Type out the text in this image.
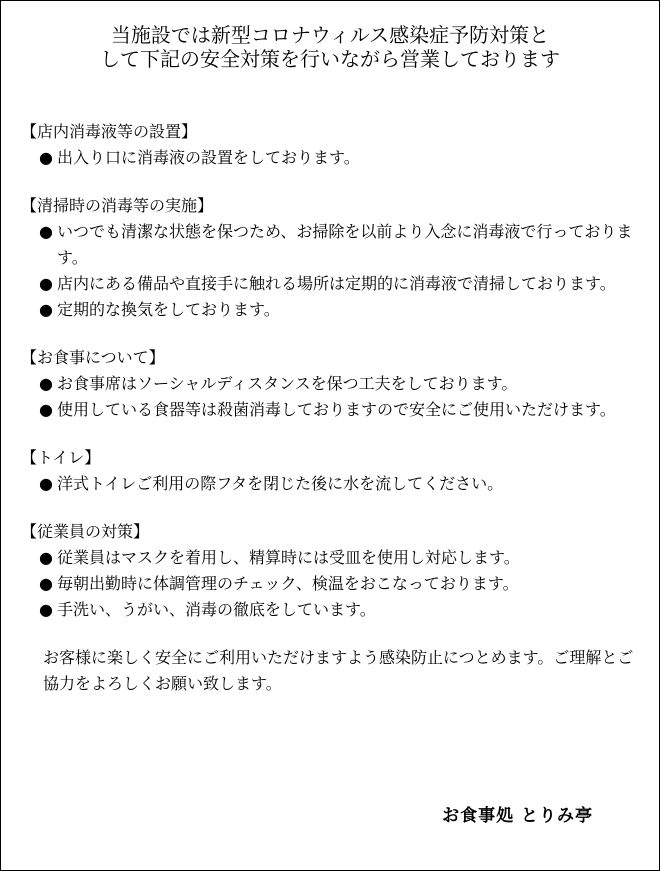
当施設では新型コロナウィルス感染症予防対策と
して下記の安全対策を行いながら営業しております
【店内消毒液等の設置】
● 出入り口に消毒液の設置をしております。
【清掃時の消毒等の実施】
● いつでも清潔な状態を保つため、お掃除を以前より入念に消毒液で行っております。
● 店内にある備品や直接手に触れる場所は定期的に消毒液で清掃しております。
● 定期的な換気をしております。
【お食事について】
● お食事席はソーシャルディスタンスを保つ工夫をしております。
● 使用している食器等は殺菌消毒しておりますので安全にご使用いただけます。
【トイレ】
● 洋式トイレご利用の際フタを閉じた後に水を流してください。
【従業員の対策】
● 従業員はマスクを着用し、精算時には受皿を使用し対応します。
● 毎朝出勤時に体調管理のチェック、検温をおこなっております。
● 手洗い、うがい、消毒の徹底をしています。
お客様に楽しく安全にご利用いただけますよう感染防止につとめます。ご理解とご協力をよろしくお願い致します。
お食事処 とりみ亭
